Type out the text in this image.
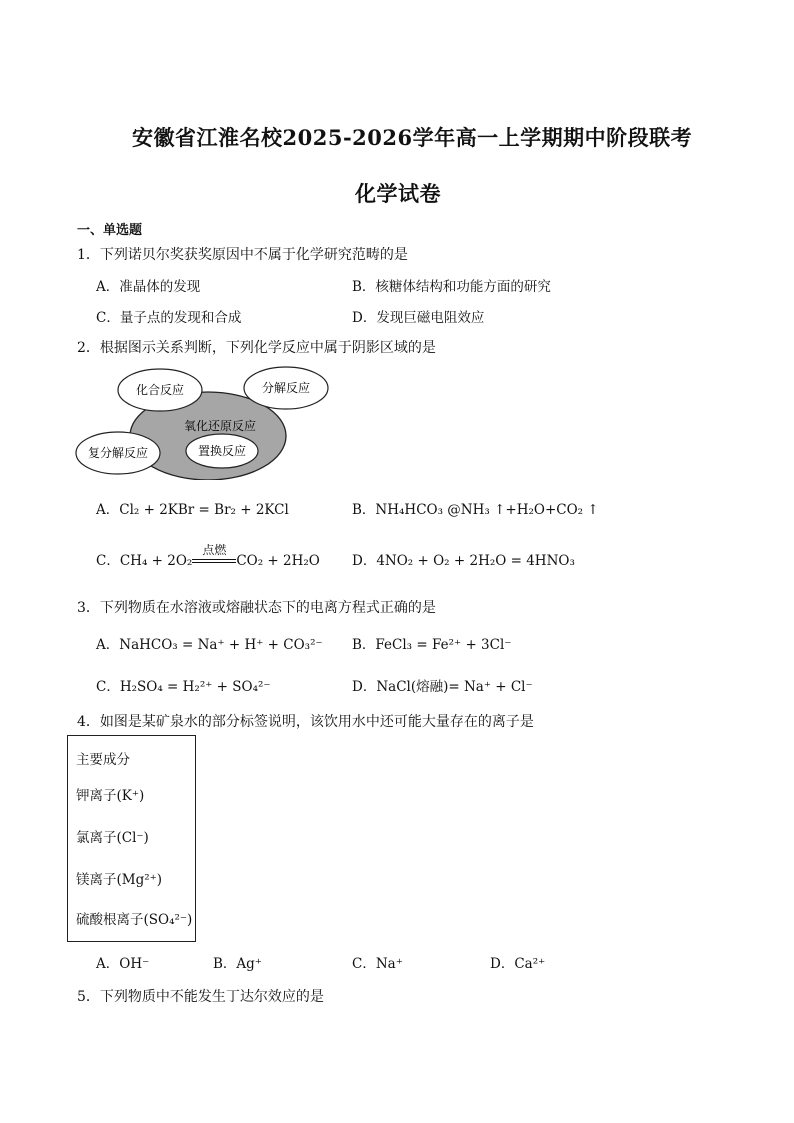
安徽省江淮名校2025-2026学年高一上学期期中阶段联考
化学试卷
一、单选题
1．下列诺贝尔奖获奖原因中不属于化学研究范畴的是
A．准晶体的发现	B．核糖体结构和功能方面的研究
C．量子点的发现和合成	D．发现巨磁电阻效应
2．根据图示关系判断，下列化学反应中属于阴影区域的是
化合反应	分解反应
氧化还原反应
复分解反应	置换反应
A．Cl₂ + 2KBr = Br₂ + 2KCl	B．NH₄HCO₃ @NH₃ ↑+H₂O+CO₂ ↑
C．CH₄ + 2O₂
点燃
CO₂ + 2H₂O D．4NO₂ + O₂ + 2H₂O = 4HNO₃
3．下列物质在水溶液或熔融状态下的电离方程式正确的是
A．NaHCO₃ = Na⁺ + H⁺ + CO₃²⁻ B．FeCl₃ = Fe²⁺ + 3Cl⁻
C．H₂SO₄ = H₂²⁺ + SO₄²⁻	D．NaCl(熔融)= Na⁺ + Cl⁻
4．如图是某矿泉水的部分标签说明，该饮用水中还可能大量存在的离子是
主要成分
钾离子(K⁺)
氯离子(Cl⁻)
镁离子(Mg²⁺)
硫酸根离子(SO₄²⁻)
A．OH⁻	B．Ag⁺	C．Na⁺	D．Ca²⁺
5．下列物质中不能发生丁达尔效应的是
